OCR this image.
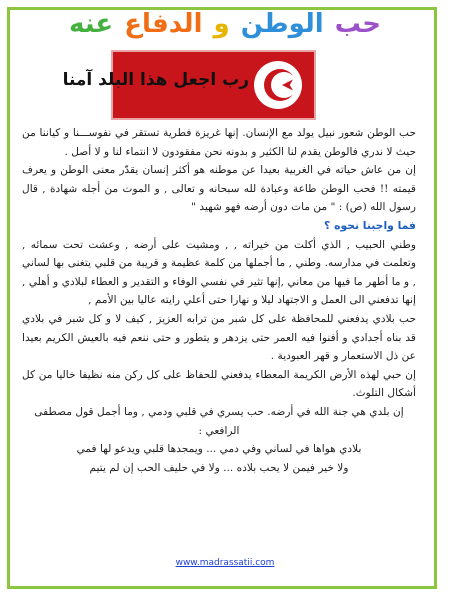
حب الوطن و الدفاع عنه
رب اجعل هذا البلد آمنا

حب الوطن شعور نبيل يولد مع الإنسان. إنها غريزة فطرية تستقر في نفوســـنا و كياننا من حيث لا ندري فالوطن يقدم لنا الكثير و بدونه نحن مفقودون لا انتماء لنا و لا أصل .

إن من عاش حياته في الغربية بعيدا عن موطنه هو أكثر إنسان يقدّر معنى الوطن و يعرف قيمته !! فحب الوطن طاعة وعبادة لله سبحانه و تعالى , و الموت من أجله شهادة , قال رسول الله (ص) : " من مات دون أرضه فهو شهيد "

فما واجبنا نحوه ؟

وطني الحبيب , الذي أكلت من خيراته , , ومشيت على أرضه , وعشت تحت سمائه , وتعلمت في مدارسه. وطني , ما أجملها من كلمة عظيمة و قريبة من قلبي يتغنى بها لساني , و ما أطهر ما فيها من معاني ,إنها تثير في نفسي الوفاء و التقدير و العطاء لبلادي و أهلي , إنها تدفعني الى العمل و الاجتهاد ليلا و نهارا حتى أعلي رايته عاليا بين الأمم ,

حب بلادي يدفعني للمحافظة على كل شبر من ترابه العزيز , كيف لا و كل شبر في بلادي قد بناه أجدادي و أفنوا فيه العمر حتى يزدهر و يتطور و حتى ننعم فيه بالعيش الكريم بعيدا عن ذل الاستعمار و قهر العبودية .

إن حبي لهذه الأرض الكريمة المعطاء يدفعني للحفاظ على كل ركن منه نظيفا خاليا من كل أشكال التلوث.

إن بلدي هي جنة الله في أرضه. حب يسري في قلبي ودمي , وما أجمل قول مصطفى الرافعي :

بلادي هواها في لساني وفي دمي ... ويمجدها قلبي ويدعو لها فمي

ولا خير فيمن لا يحب بلاده ... ولا في حليف الحب إن لم يتيم

www.madrassatii.com
